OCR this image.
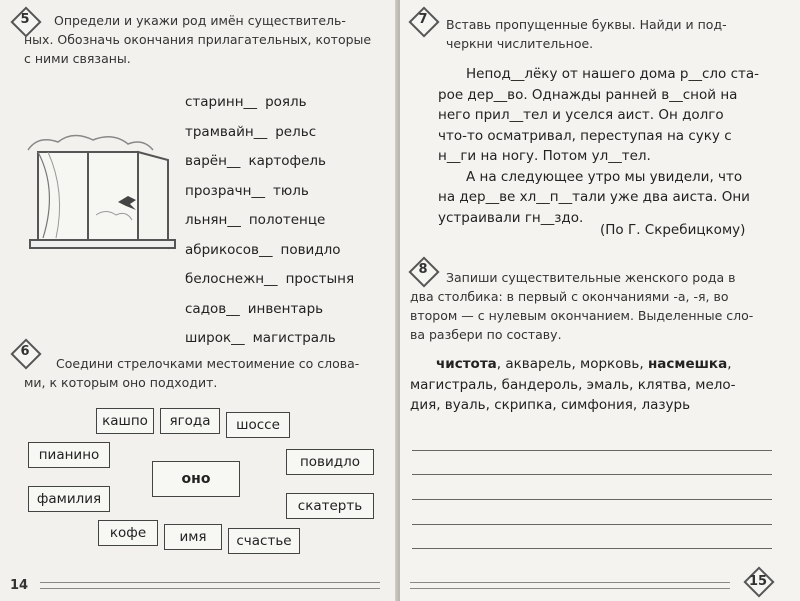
5	Определи и укажи род имён существитель-
ных. Обозначь окончания прилагательных, которые
с ними связаны.
старинн__ рояль
трамвайн__ рельс
варён__ картофель
прозрачн__ тюль
льнян__ полотенце
абрикосов__ повидло
белоснежн__ простыня
садов__ инвентарь
широк__ магистраль
6
Соедини стрелочками местоимение со слова-
ми, к которым оно подходит.
кашпо	ягода	шоссе
пианино
оно
повидло
фамилия	скатерть
кофе	имя	счастье
14
7	Вставь пропущенные буквы. Найди и под-
черкни числительное.

Непод__лёку от нашего дома р__сло ста-

рое дер__во. Однажды ранней в__сной на

него прил__тел и уселся аист. Он долго

что-то осматривал, переступая на суку с

н__ги на ногу. Потом ул__тел.

А на следующее утро мы увидели, что

на дер__ве хл__п__тали уже два аиста. Они

устраивали гн__здо.

(По Г. Скребицкому)
8
Запиши существительные женского рода в
два столбика: в первый с окончаниями -а, -я, во
втором — с нулевым окончанием. Выделенные сло-
ва разбери по составу.
чистота, акварель, морковь, насмешка,
магистраль, бандероль, эмаль, клятва, мело-
дия, вуаль, скрипка, симфония, лазурь
15
